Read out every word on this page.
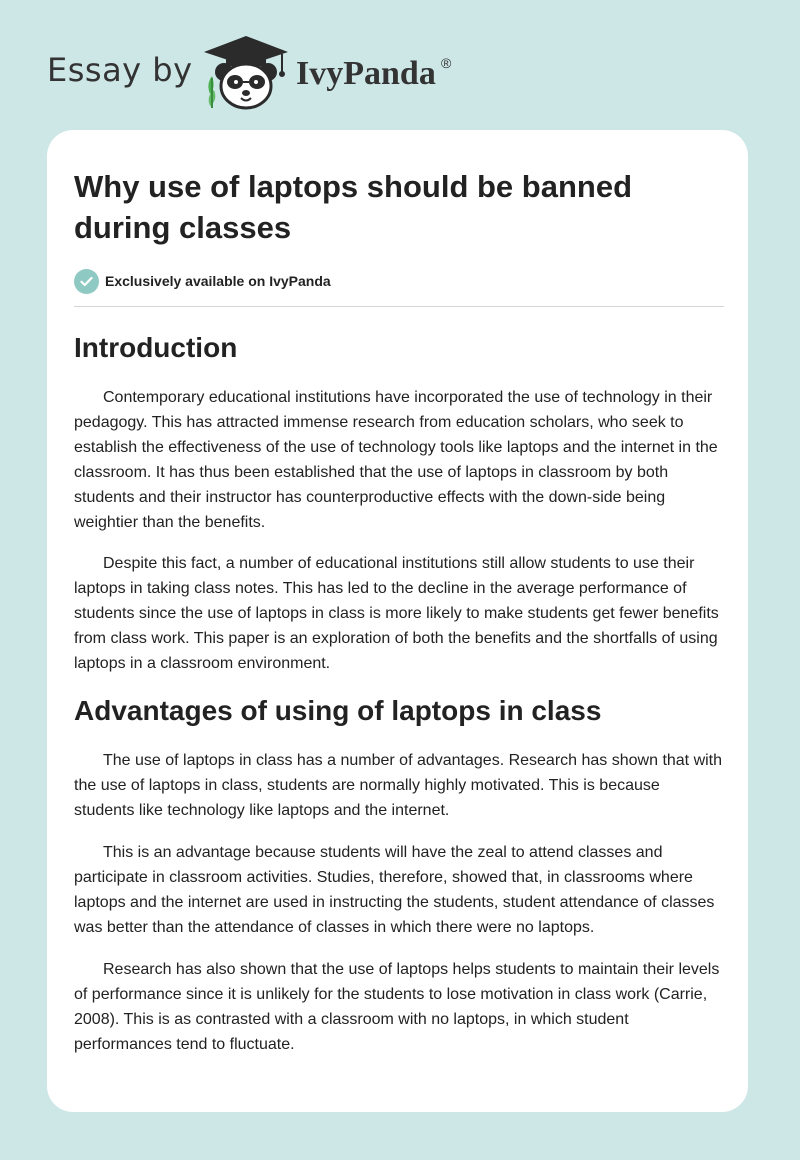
Essay by	IvyPanda ®
Why use of laptops should be banned during classes
Exclusively available on IvyPanda
Introduction

Contemporary educational institutions have incorporated the use of technology in their pedagogy. This has attracted immense research from education scholars, who seek to establish the effectiveness of the use of technology tools like laptops and the internet in the classroom. It has thus been established that the use of laptops in classroom by both students and their instructor has counterproductive effects with the down-side being weightier than the benefits.

Despite this fact, a number of educational institutions still allow students to use their laptops in taking class notes. This has led to the decline in the average performance of students since the use of laptops in class is more likely to make students get fewer benefits from class work. This paper is an exploration of both the benefits and the shortfalls of using laptops in a classroom environment.

Advantages of using of laptops in class

The use of laptops in class has a number of advantages. Research has shown that with the use of laptops in class, students are normally highly motivated. This is because students like technology like laptops and the internet.

This is an advantage because students will have the zeal to attend classes and participate in classroom activities. Studies, therefore, showed that, in classrooms where laptops and the internet are used in instructing the students, student attendance of classes was better than the attendance of classes in which there were no laptops.

Research has also shown that the use of laptops helps students to maintain their levels of performance since it is unlikely for the students to lose motivation in class work (Carrie, 2008). This is as contrasted with a classroom with no laptops, in which student performances tend to fluctuate.
